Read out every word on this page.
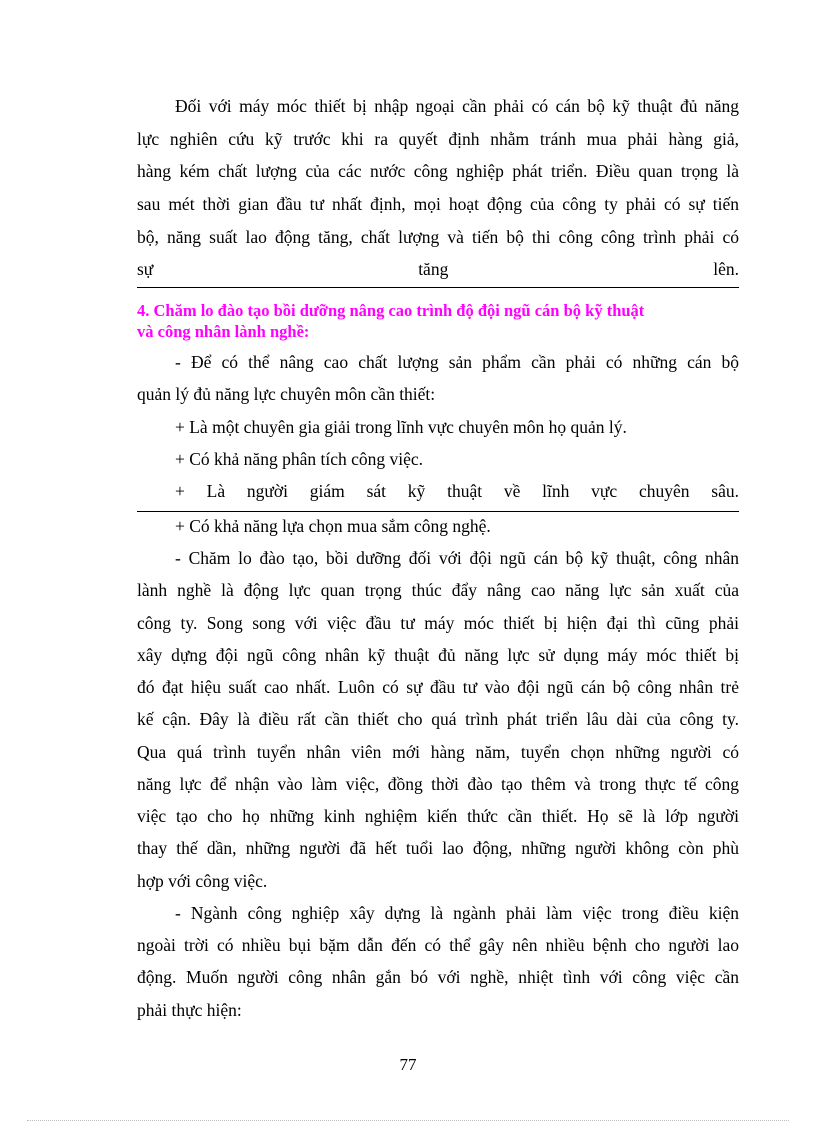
Đối với máy móc thiết bị nhập ngoại cần phải có cán bộ kỹ thuật đủ năng
lực nghiên cứu kỹ trước khi ra quyết định nhằm tránh mua phải hàng giả,
hàng kém chất lượng của các nước công nghiệp phát triển. Điều quan trọng là
sau mét thời gian đầu tư nhất định, mọi hoạt động của công ty phải có sự tiến
bộ, năng suất lao động tăng, chất lượng và tiến bộ thi công công trình phải có
sự	tăng	lên.
4. Chăm lo đào tạo bồi dưỡng nâng cao trình độ đội ngũ cán bộ kỹ thuật
và công nhân lành nghề:
- Để có thể nâng cao chất lượng sản phẩm cần phải có những cán bộ
quản lý đủ năng lực chuyên môn cần thiết:
+ Là một chuyên gia giải trong lĩnh vực chuyên môn họ quản lý.
+ Có khả năng phân tích công việc.
+ Là người giám sát kỹ thuật về lĩnh vực chuyên sâu.
+ Có khả năng lựa chọn mua sắm công nghệ.
- Chăm lo đào tạo, bồi dưỡng đối với đội ngũ cán bộ kỹ thuật, công nhân
lành nghề là động lực quan trọng thúc đẩy nâng cao năng lực sản xuất của
công ty. Song song với việc đầu tư máy móc thiết bị hiện đại thì cũng phải
xây dựng đội ngũ công nhân kỹ thuật đủ năng lực sử dụng máy móc thiết bị
đó đạt hiệu suất cao nhất. Luôn có sự đầu tư vào đội ngũ cán bộ công nhân trẻ
kế cận. Đây là điều rất cần thiết cho quá trình phát triển lâu dài của công ty.
Qua quá trình tuyển nhân viên mới hàng năm, tuyển chọn những người có
năng lực để nhận vào làm việc, đồng thời đào tạo thêm và trong thực tế công
việc tạo cho họ những kinh nghiệm kiến thức cần thiết. Họ sẽ là lớp người
thay thế dần, những người đã hết tuổi lao động, những người không còn phù
hợp với công việc.
- Ngành công nghiệp xây dựng là ngành phải làm việc trong điều kiện
ngoài trời có nhiều bụi bặm dẫn đến có thể gây nên nhiều bệnh cho người lao
động. Muốn người công nhân gắn bó với nghề, nhiệt tình với công việc cần
phải thực hiện:
77
